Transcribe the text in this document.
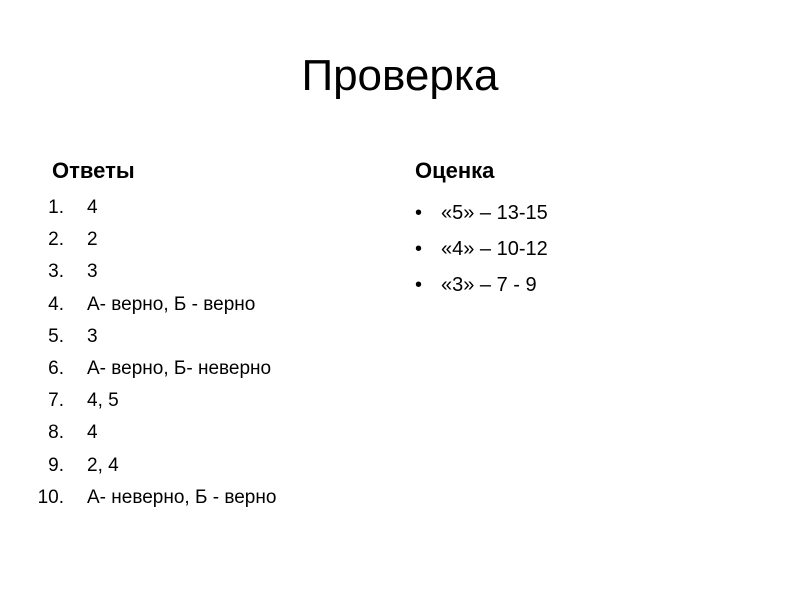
Проверка
Ответы
1. 4
2. 2
3. 3
4. А- верно, Б - верно
5. 3
6. А- верно, Б- неверно
7. 4, 5
8. 4
9. 2, 4
10. А- неверно, Б - верно
Оценка
• «5» – 13-15
• «4» – 10-12
• «3» – 7 - 9
